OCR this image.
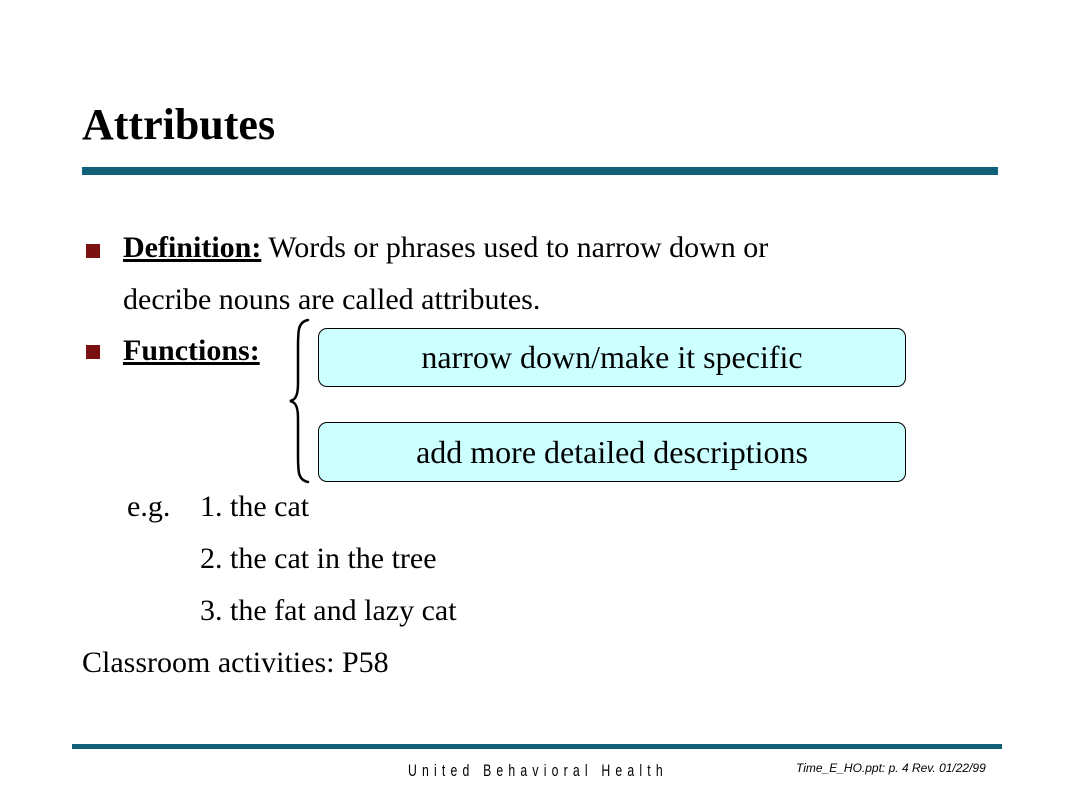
Attributes
Definition: Words or phrases used to narrow down or
decribe nouns are called attributes.
Functions:	narrow down/make it specific
add more detailed descriptions
e.g. 1. the cat
2. the cat in the tree
3. the fat and lazy cat
Classroom activities: P58
United Behavioral Health	Time_E_HO.ppt: p. 4 Rev. 01/22/99
